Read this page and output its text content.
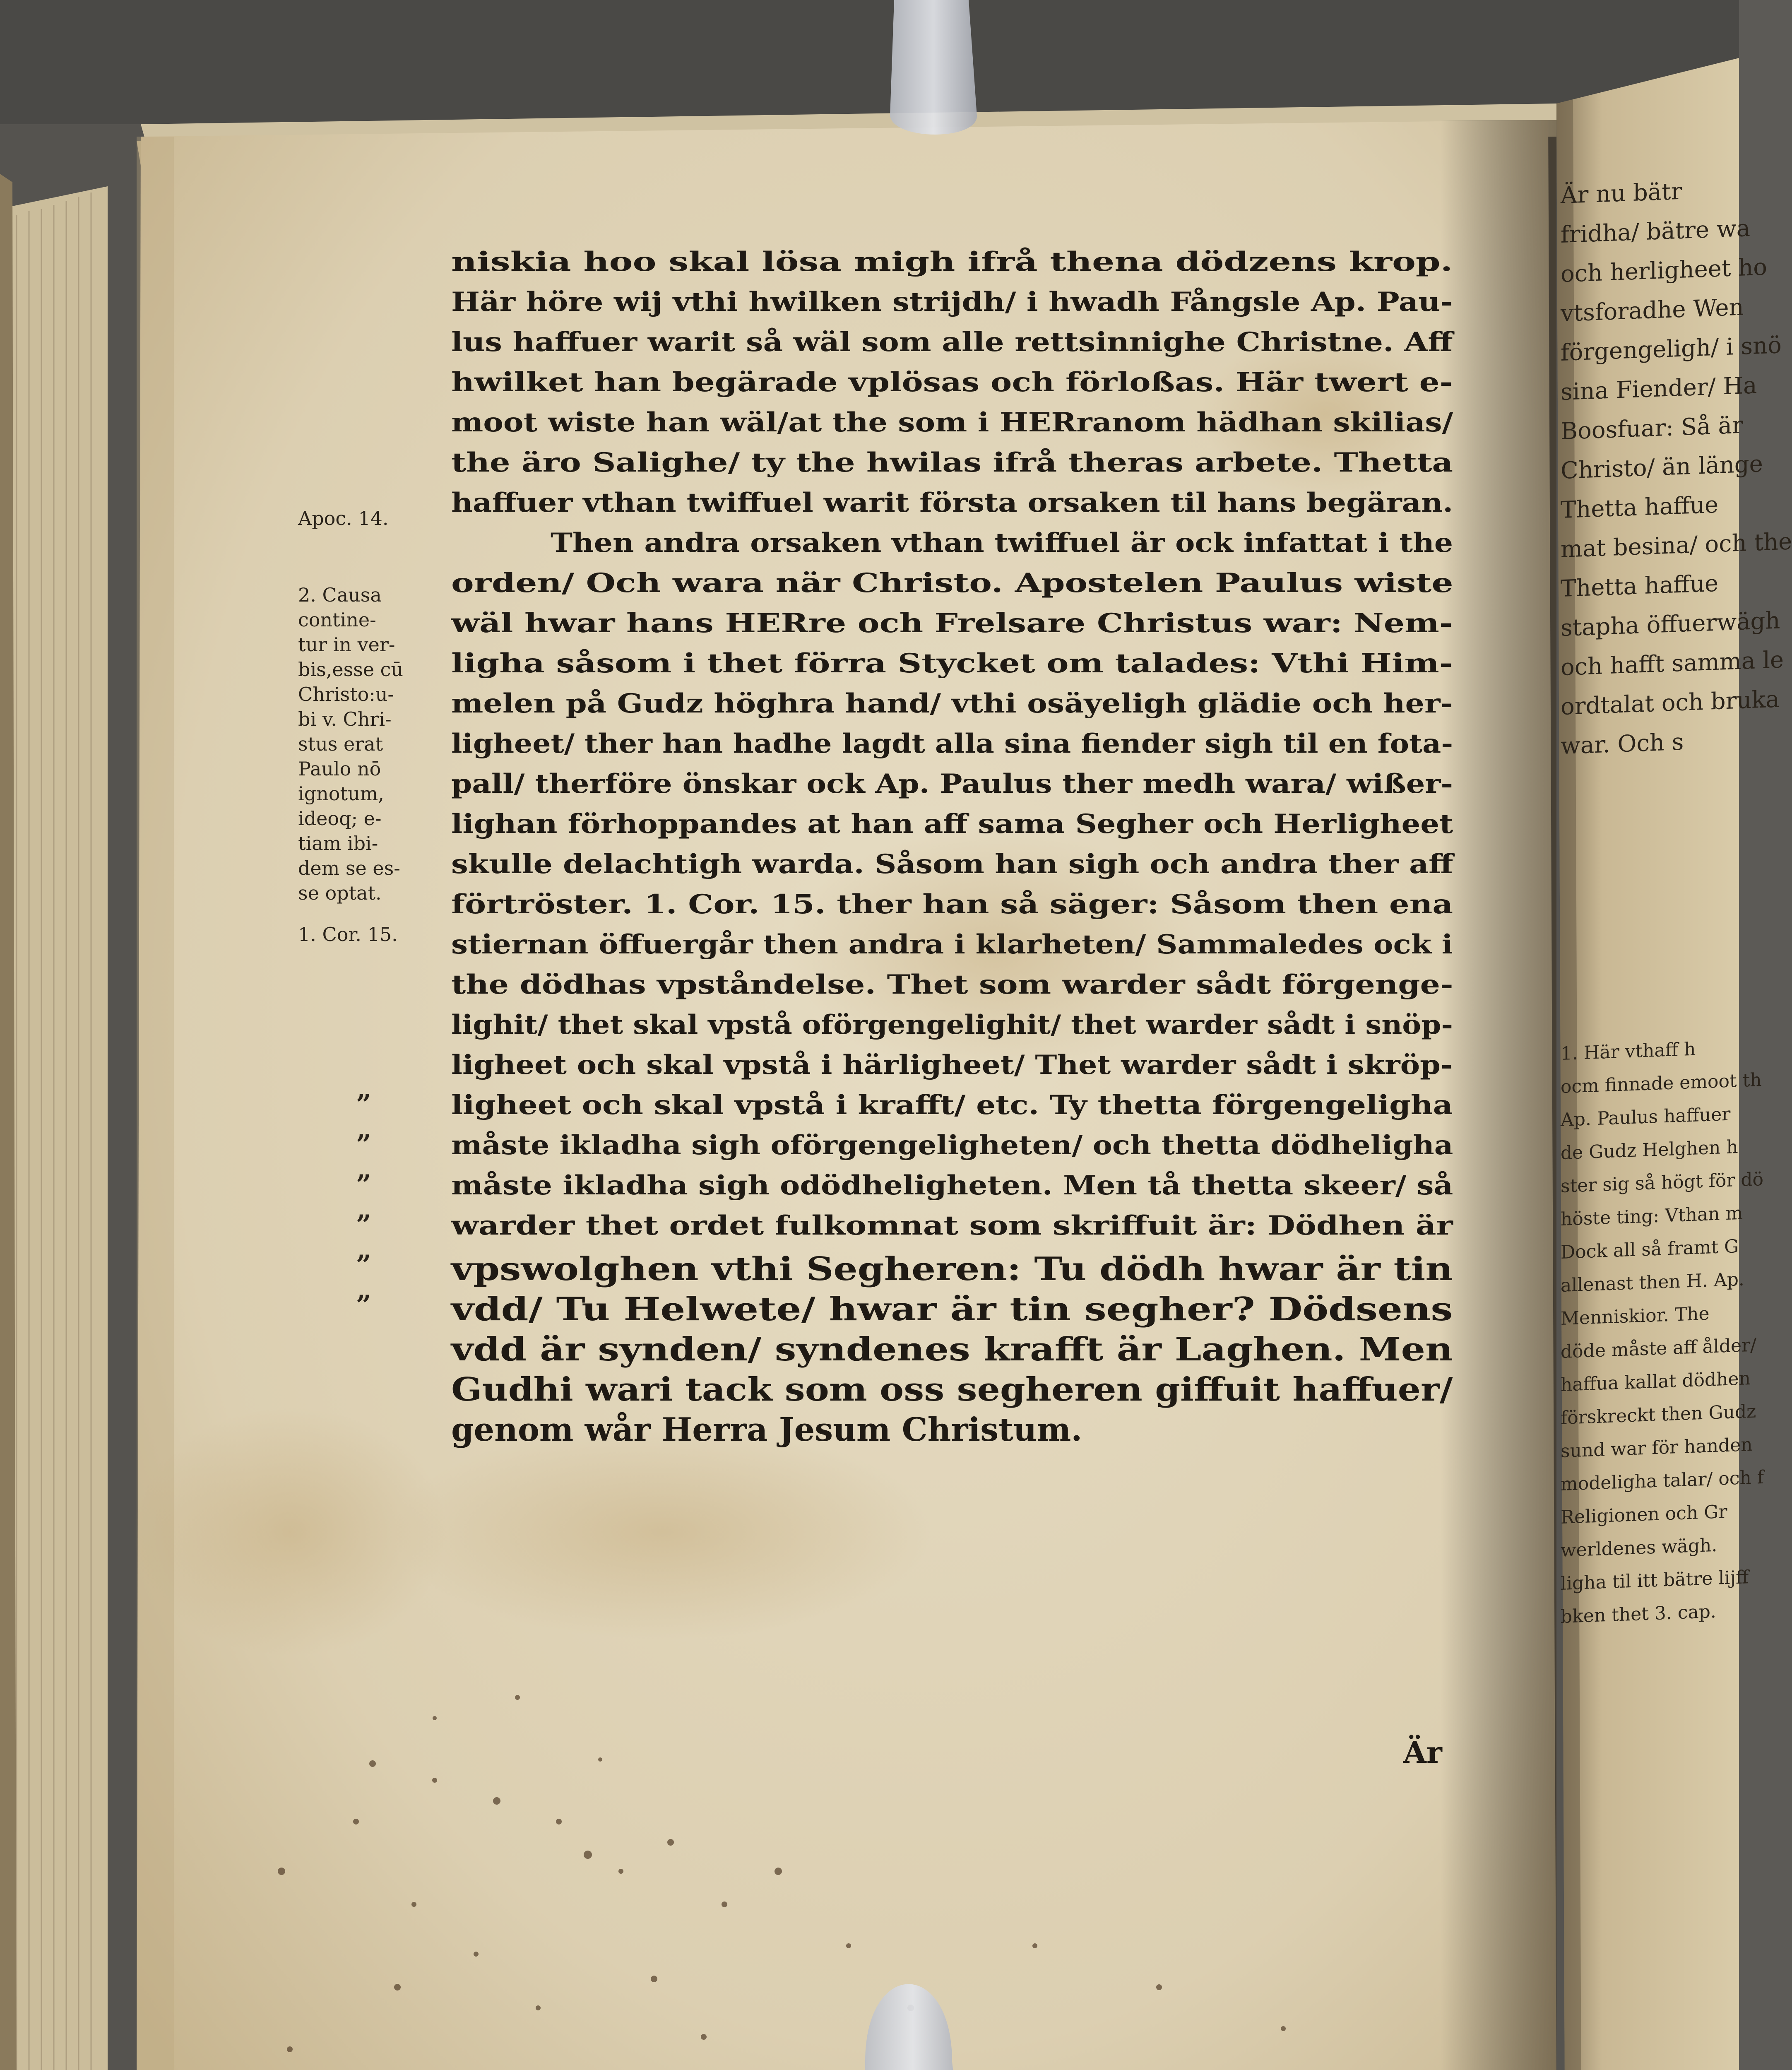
niskia hoo skal lösa migh ifrå thena dödzens krop.
Här höre wij vthi hwilken strijdh/ i hwadh Fångsle Ap. Pau-
lus haffuer warit så wäl som alle rettsinnighe Christne. Aff
hwilket han begärade vplösas och förloßas. Här twert e-
moot wiste han wäl/at the som i HERranom hädhan skilias/
the äro Salighe/ ty the hwilas ifrå theras arbete. Thetta
haffuer vthan twiffuel warit första orsaken til hans begäran.
Then andra orsaken vthan twiffuel är ock infattat i the
orden/ Och wara när Christo. Apostelen Paulus wiste
wäl hwar hans HERre och Frelsare Christus war: Nem-
ligha såsom i thet förra Stycket om talades: Vthi Him-
melen på Gudz höghra hand/ vthi osäyeligh glädie och her-
ligheet/ ther han hadhe lagdt alla sina fiender sigh til en fota-
pall/ therföre önskar ock Ap. Paulus ther medh wara/ wißer-
lighan förhoppandes at han aff sama Segher och Herligheet
skulle delachtigh warda. Såsom han sigh och andra ther aff
förtröster. 1. Cor. 15. ther han så säger: Såsom then ena
stiernan öffuergår then andra i klarheten/ Sammaledes ock i
the dödhas vpståndelse. Thet som warder sådt förgenge-
lighit/ thet skal vpstå oförgengelighit/ thet warder sådt i snöp-
ligheet och skal vpstå i härligheet/ Thet warder sådt i skröp-
ligheet och skal vpstå i krafft/ etc. Ty thetta förgengeligha
måste ikladha sigh oförgengeligheten/ och thetta dödheligha
måste ikladha sigh odödheligheten. Men tå thetta skeer/ så
warder thet ordet fulkomnat som skriffuit är: Dödhen är
vpswolghen vthi Segheren: Tu dödh hwar är tin
vdd/ Tu Helwete/ hwar är tin segher? Dödsens
vdd är synden/ syndenes krafft är Laghen. Men
Gudhi wari tack som oss segheren giffuit haffuer/
genom wår Herra Jesum Christum.
Apoc. 14.
2. Causa
contine-
tur in ver-
bis,esse cū
Christo:u-
bi v. Chri-
stus erat
Paulo nō
ignotum,
ideoq; e-
tiam ibi-
dem se es-
se optat.
1. Cor. 15.
”
”
”
”
”
”
Är
Är nu bätr
fridha/ bätre wa
och herligheet ho
vtsforadhe Wen
förgengeligh/ i snö
sina Fiender/ Ha
Boosfuar: Så är
Christo/ än länge
Thetta haffue
mat besina/ och the
Thetta haffue
stapha öffuerwägh
och hafft samma le
ordtalat och bruka
war. Och s
1. Här vthaff h
ocm finnade emoot th
Ap. Paulus haffuer
de Gudz Helghen h
ster sig så högt för dö
höste ting: Vthan m
Dock all så framt G
allenast then H. Ap.
Menniskior. The
döde måste aff ålder/
haffua kallat dödhen
förskreckt then Gudz
sund war för handen
modeligha talar/ och f
Religionen och Gr
werldenes wägh.
ligha til itt bätre lijff
bken thet 3. cap.
